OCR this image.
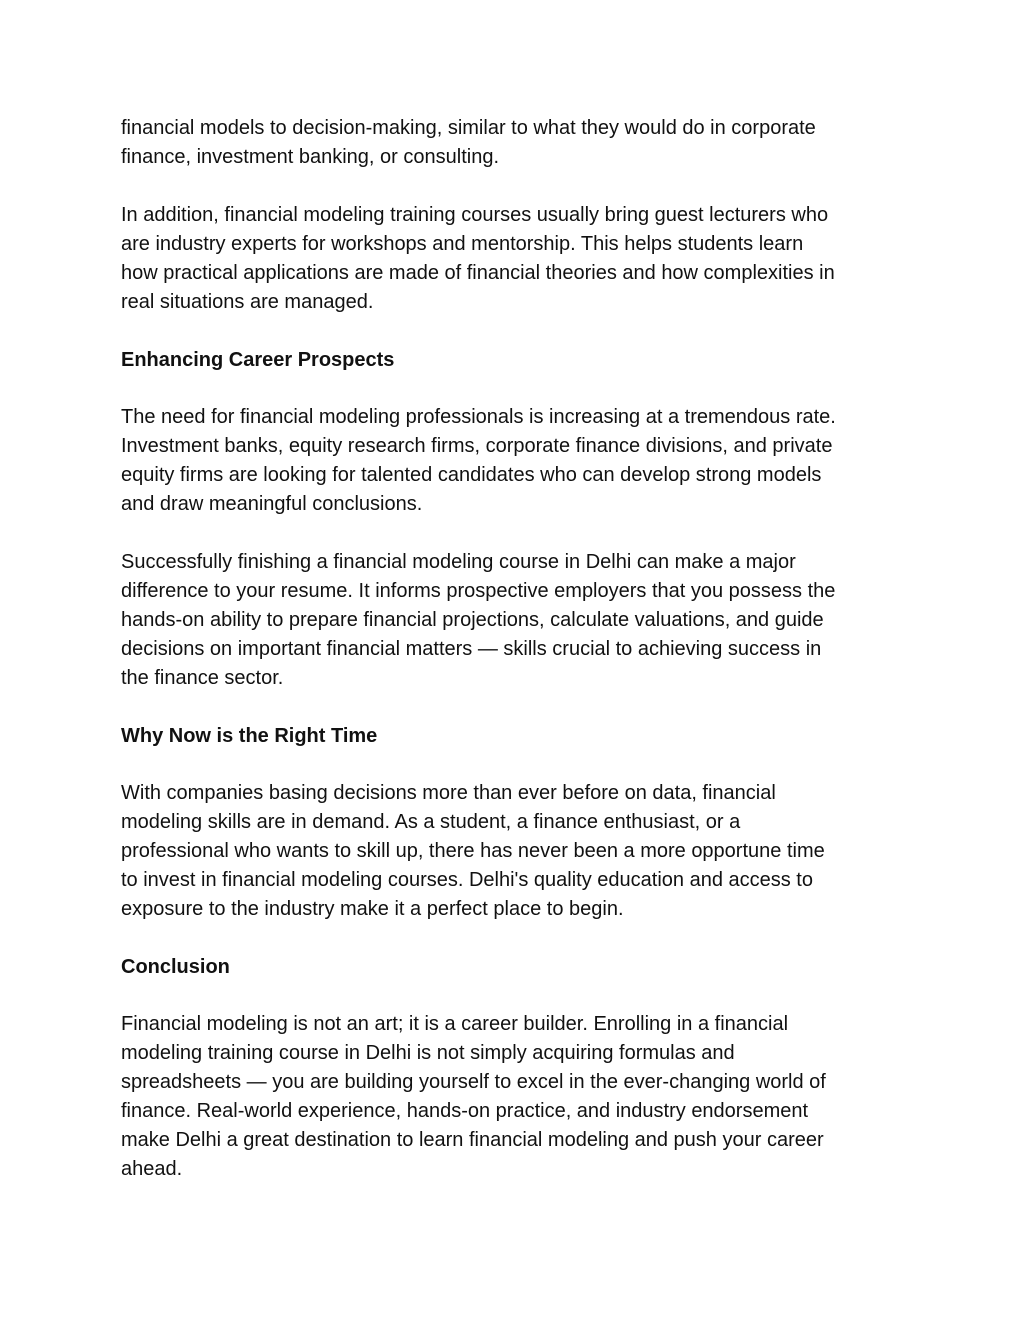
financial models to decision-making, similar to what they would do in corporate
finance, investment banking, or consulting.

In addition, financial modeling training courses usually bring guest lecturers who
are industry experts for workshops and mentorship. This helps students learn
how practical applications are made of financial theories and how complexities in
real situations are managed.

Enhancing Career Prospects

The need for financial modeling professionals is increasing at a tremendous rate.
Investment banks, equity research firms, corporate finance divisions, and private
equity firms are looking for talented candidates who can develop strong models
and draw meaningful conclusions.

Successfully finishing a financial modeling course in Delhi can make a major
difference to your resume. It informs prospective employers that you possess the
hands-on ability to prepare financial projections, calculate valuations, and guide
decisions on important financial matters — skills crucial to achieving success in
the finance sector.

Why Now is the Right Time

With companies basing decisions more than ever before on data, financial
modeling skills are in demand. As a student, a finance enthusiast, or a
professional who wants to skill up, there has never been a more opportune time
to invest in financial modeling courses. Delhi's quality education and access to
exposure to the industry make it a perfect place to begin.

Conclusion

Financial modeling is not an art; it is a career builder. Enrolling in a financial
modeling training course in Delhi is not simply acquiring formulas and
spreadsheets — you are building yourself to excel in the ever-changing world of
finance. Real-world experience, hands-on practice, and industry endorsement
make Delhi a great destination to learn financial modeling and push your career
ahead.
